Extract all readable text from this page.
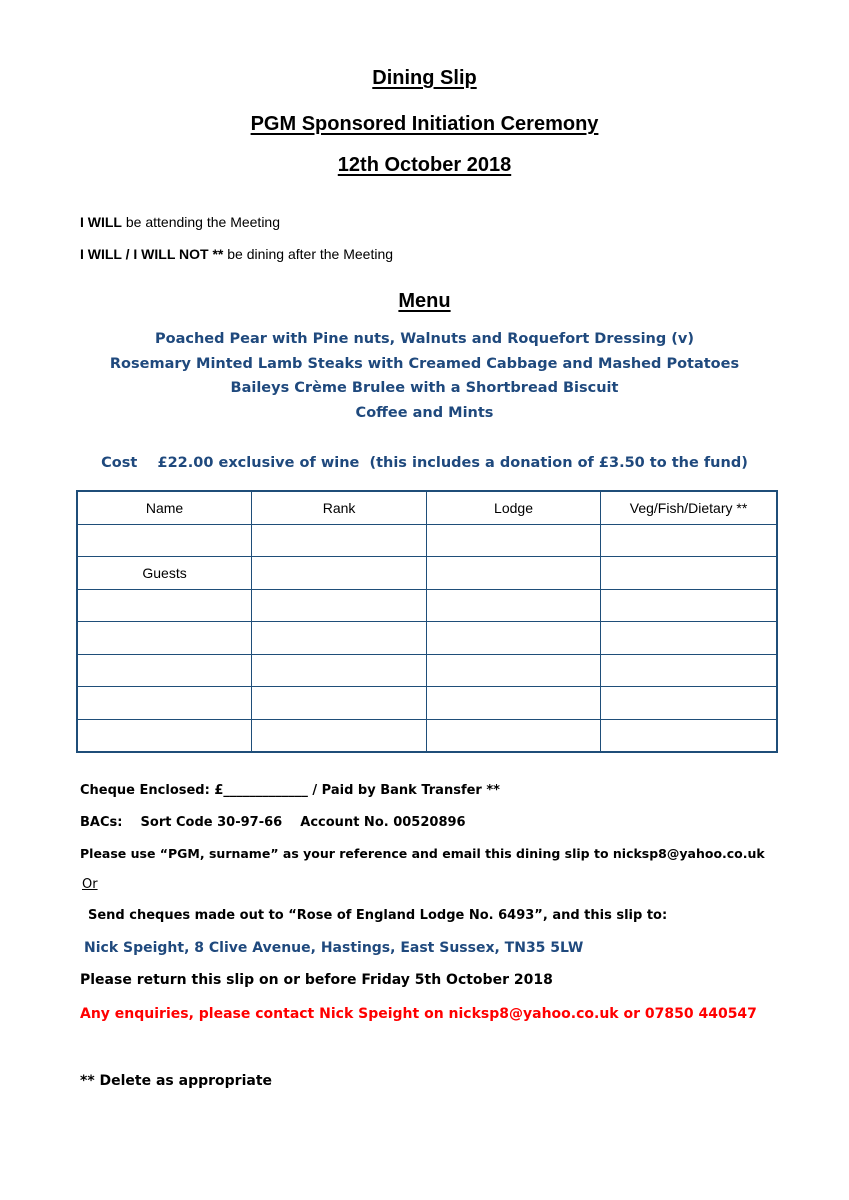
Dining Slip
PGM Sponsored Initiation Ceremony
12th October 2018
I WILL be attending the Meeting
I WILL / I WILL NOT ** be dining after the Meeting
Menu
Poached Pear with Pine nuts, Walnuts and Roquefort Dressing (v)
Rosemary Minted Lamb Steaks with Creamed Cabbage and Mashed Potatoes
Baileys Crème Brulee with a Shortbread Biscuit
Coffee and Mints
Cost    £22.00 exclusive of wine  (this includes a donation of £3.50 to the fund)
Name	Rank	Lodge	Veg/Fish/Dietary **

Guests			

Cheque Enclosed: £_____________ / Paid by Bank Transfer **
BACs:    Sort Code 30-97-66    Account No. 00520896
Please use “PGM, surname” as your reference and email this dining slip to nicksp8@yahoo.co.uk
Or
Send cheques made out to “Rose of England Lodge No. 6493”, and this slip to:
Nick Speight, 8 Clive Avenue, Hastings, East Sussex, TN35 5LW
Please return this slip on or before Friday 5th October 2018
Any enquiries, please contact Nick Speight on nicksp8@yahoo.co.uk or 07850 440547
** Delete as appropriate
